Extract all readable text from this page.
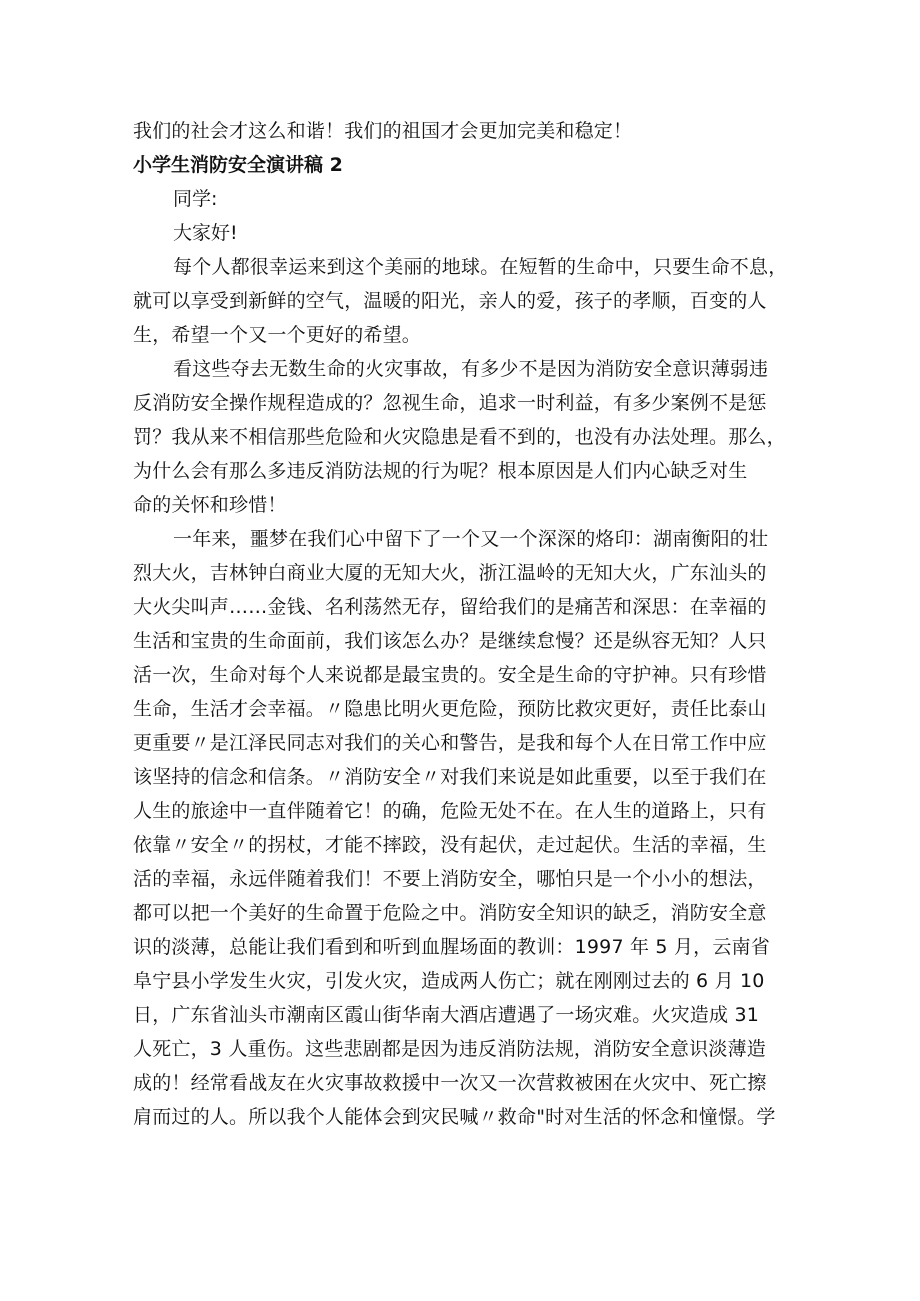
我们的社会才这么和谐！我们的祖国才会更加完美和稳定！
小学生消防安全演讲稿 2
同学:
大家好!
每个人都很幸运来到这个美丽的地球。在短暂的生命中，只要生命不息，
就可以享受到新鲜的空气，温暖的阳光，亲人的爱，孩子的孝顺，百变的人
生，希望一个又一个更好的希望。
看这些夺去无数生命的火灾事故，有多少不是因为消防安全意识薄弱违
反消防安全操作规程造成的？忽视生命，追求一时利益，有多少案例不是惩
罚？我从来不相信那些危险和火灾隐患是看不到的，也没有办法处理。那么，
为什么会有那么多违反消防法规的行为呢？根本原因是人们内心缺乏对生
命的关怀和珍惜！
一年来，噩梦在我们心中留下了一个又一个深深的烙印：湖南衡阳的壮
烈大火，吉林钟白商业大厦的无知大火，浙江温岭的无知大火，广东汕头的
大火尖叫声……金钱、名利荡然无存，留给我们的是痛苦和深思：在幸福的
生活和宝贵的生命面前，我们该怎么办？是继续怠慢？还是纵容无知？人只
活一次，生命对每个人来说都是最宝贵的。安全是生命的守护神。只有珍惜
生命，生活才会幸福。〃隐患比明火更危险，预防比救灾更好，责任比泰山
更重要〃是江泽民同志对我们的关心和警告，是我和每个人在日常工作中应
该坚持的信念和信条。〃消防安全〃对我们来说是如此重要，以至于我们在
人生的旅途中一直伴随着它！的确，危险无处不在。在人生的道路上，只有
依靠〃安全〃的拐杖，才能不摔跤，没有起伏，走过起伏。生活的幸福，生
活的幸福，永远伴随着我们！不要上消防安全，哪怕只是一个小小的想法，
都可以把一个美好的生命置于危险之中。消防安全知识的缺乏，消防安全意
识的淡薄，总能让我们看到和听到血腥场面的教训：1997 年 5 月，云南省
阜宁县小学发生火灾，引发火灾，造成两人伤亡；就在刚刚过去的 6 月 10
日，广东省汕头市潮南区霞山街华南大酒店遭遇了一场灾难。火灾造成 31
人死亡，3 人重伤。这些悲剧都是因为违反消防法规，消防安全意识淡薄造
成的！经常看战友在火灾事故救援中一次又一次营救被困在火灾中、死亡擦
肩而过的人。所以我个人能体会到灾民喊〃救命"时对生活的怀念和憧憬。学
